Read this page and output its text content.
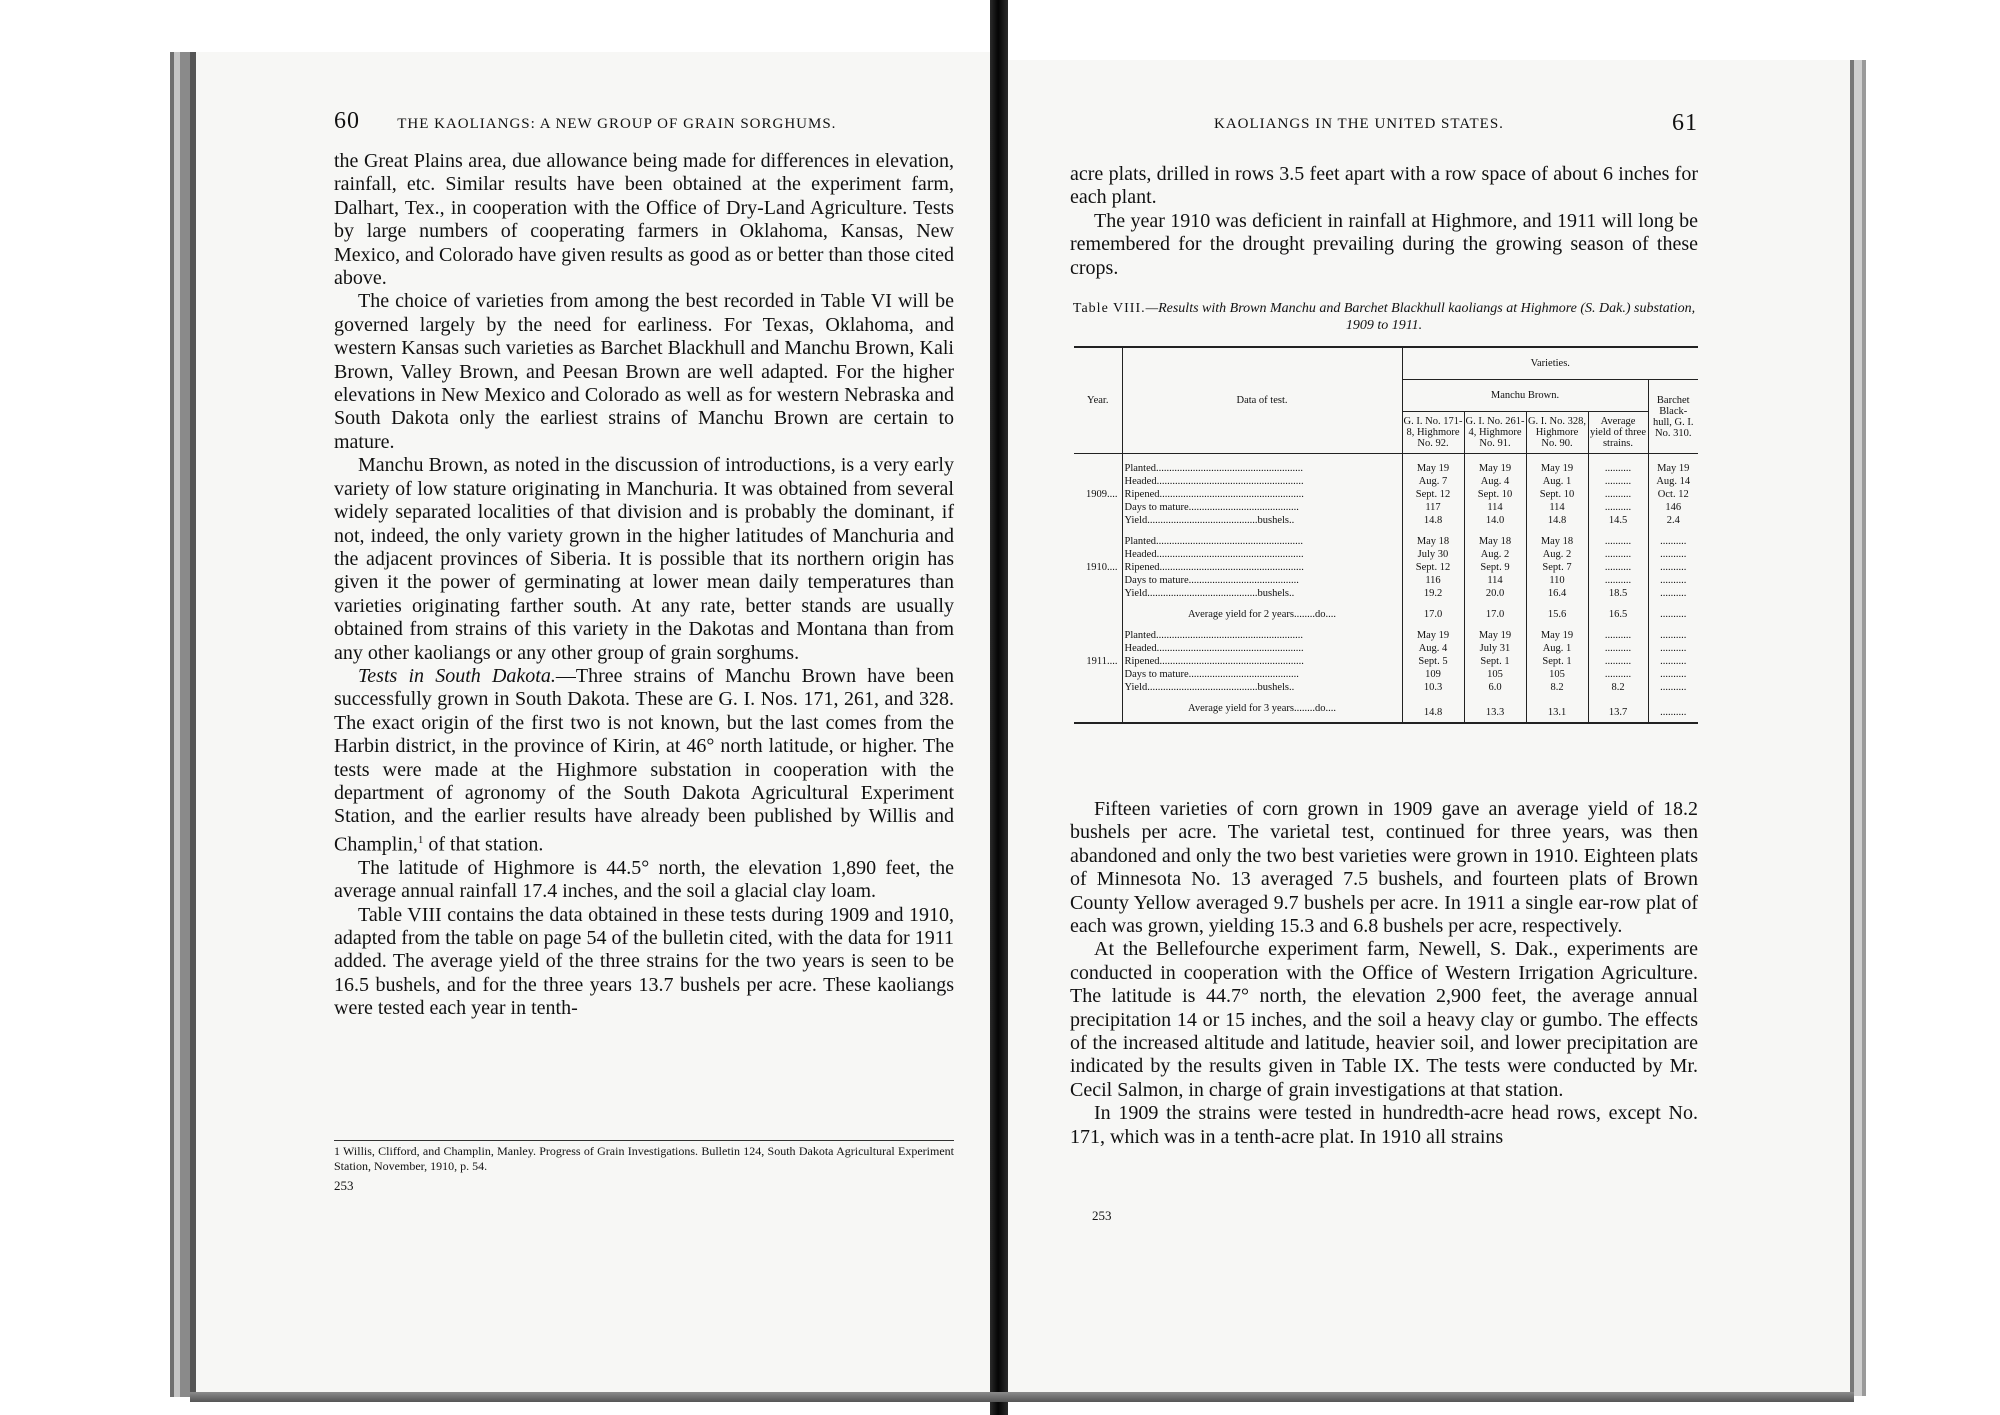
60 THE KAOLIANGS: A NEW GROUP OF GRAIN SORGHUMS.

the Great Plains area, due allowance being made for differences in elevation, rainfall, etc. Similar results have been obtained at the experiment farm, Dalhart, Tex., in cooperation with the Office of Dry-Land Agriculture. Tests by large numbers of cooperating farmers in Oklahoma, Kansas, New Mexico, and Colorado have given results as good as or better than those cited above.

The choice of varieties from among the best recorded in Table VI will be governed largely by the need for earliness. For Texas, Oklahoma, and western Kansas such varieties as Barchet Blackhull and Manchu Brown, Kali Brown, Valley Brown, and Peesan Brown are well adapted. For the higher elevations in New Mexico and Colorado as well as for western Nebraska and South Dakota only the earliest strains of Manchu Brown are certain to mature.

Manchu Brown, as noted in the discussion of introductions, is a very early variety of low stature originating in Manchuria. It was obtained from several widely separated localities of that division and is probably the dominant, if not, indeed, the only variety grown in the higher latitudes of Manchuria and the adjacent provinces of Siberia. It is possible that its northern origin has given it the power of germinating at lower mean daily temperatures than varieties originating farther south. At any rate, better stands are usually obtained from strains of this variety in the Dakotas and Montana than from any other kaoliangs or any other group of grain sorghums.

Tests in South Dakota.—Three strains of Manchu Brown have been successfully grown in South Dakota. These are G. I. Nos. 171, 261, and 328. The exact origin of the first two is not known, but the last comes from the Harbin district, in the province of Kirin, at 46° north latitude, or higher. The tests were made at the Highmore substation in cooperation with the department of agronomy of the South Dakota Agricultural Experiment Station, and the earlier results have already been published by Willis and Champlin,$^1$ of that station.

The latitude of Highmore is 44.5° north, the elevation 1,890 feet, the average annual rainfall 17.4 inches, and the soil a glacial clay loam.

Table VIII contains the data obtained in these tests during 1909 and 1910, adapted from the table on page 54 of the bulletin cited, with the data for 1911 added. The average yield of the three strains for the two years is seen to be 16.5 bushels, and for the three years 13.7 bushels per acre. These kaoliangs were tested each year in tenth-

1 Willis, Clifford, and Champlin, Manley. Progress of Grain Investigations. Bulletin 124, South Dakota Agricultural Experiment Station, November, 1910, p. 54.
253
KAOLIANGS IN THE UNITED STATES.	61

acre plats, drilled in rows 3.5 feet apart with a row space of about 6 inches for each plant.

The year 1910 was deficient in rainfall at Highmore, and 1911 will long be remembered for the drought prevailing during the growing season of these crops.

Table VIII.—Results with Brown Manchu and Barchet Blackhull kaoliangs at Highmore (S. Dak.) substation, 1909 to 1911.
Year.	Data of test.	Varieties.				
		Manchu Brown.				Barchet Black-hull, G. I. No. 310.
		G. I. No. 171-8, Highmore No. 92.	G. I. No. 261-4, Highmore No. 91.	G. I. No. 328, Highmore No. 90.	Average yield of three strains.	

1909....	Planted........................................................	May 19	May 19	May 19	..........	May 19
	Headed........................................................	Aug. 7	Aug. 4	Aug. 1	..........	Aug. 14
	Ripened.......................................................	Sept. 12	Sept. 10	Sept. 10	..........	Oct. 12
	Days to mature..........................................	117	114	114	..........	146
	Yield..........................................bushels..	14.8	14.0	14.8	14.5	2.4

1910....	Planted........................................................	May 18	May 18	May 18	..........	..........
	Headed........................................................	July 30	Aug. 2	Aug. 2	..........	..........
	Ripened.......................................................	Sept. 12	Sept. 9	Sept. 7	..........	..........
	Days to mature..........................................	116	114	110	..........	..........
	Yield..........................................bushels..	19.2	20.0	16.4	18.5	..........

	Average yield for 2 years........do....	17.0	17.0	15.6	16.5	..........

1911....	Planted........................................................	May 19	May 19	May 19	..........	..........
	Headed........................................................	Aug. 4	July 31	Aug. 1	..........	..........
	Ripened.......................................................	Sept. 5	Sept. 1	Sept. 1	..........	..........
	Days to mature..........................................	109	105	105	..........	..........
	Yield..........................................bushels..	10.3	6.0	8.2	8.2	..........

	Average yield for 3 years........do....	14.8	13.3	13.1	13.7	..........

Fifteen varieties of corn grown in 1909 gave an average yield of 18.2 bushels per acre. The varietal test, continued for three years, was then abandoned and only the two best varieties were grown in 1910. Eighteen plats of Minnesota No. 13 averaged 7.5 bushels, and fourteen plats of Brown County Yellow averaged 9.7 bushels per acre. In 1911 a single ear-row plat of each was grown, yielding 15.3 and 6.8 bushels per acre, respectively.

At the Bellefourche experiment farm, Newell, S. Dak., experiments are conducted in cooperation with the Office of Western Irrigation Agriculture. The latitude is 44.7° north, the elevation 2,900 feet, the average annual precipitation 14 or 15 inches, and the soil a heavy clay or gumbo. The effects of the increased altitude and latitude, heavier soil, and lower precipitation are indicated by the results given in Table IX. The tests were conducted by Mr. Cecil Salmon, in charge of grain investigations at that station.

In 1909 the strains were tested in hundredth-acre head rows, except No. 171, which was in a tenth-acre plat. In 1910 all strains

253
